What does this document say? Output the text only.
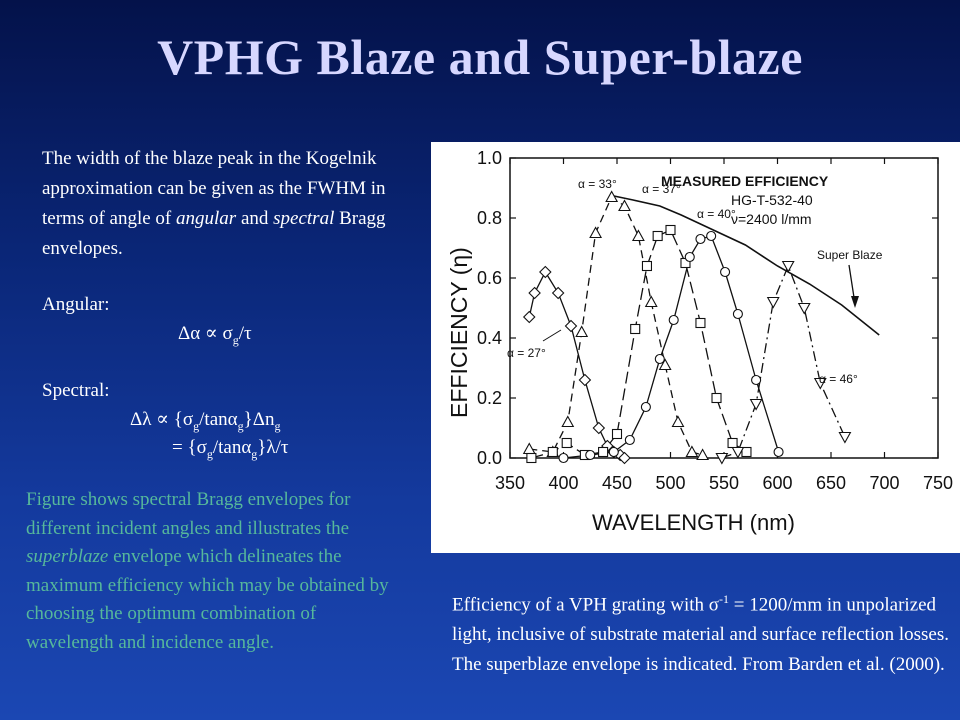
VPHG Blaze and Super-blaze
The width of the blaze peak in the Kogelnik approximation can be given as the FWHM in terms of angle of angular and spectral Bragg envelopes.
Angular:
$\Delta\alpha \propto \sigma_g/\tau$
Spectral:
$\Delta\lambda \propto \{\sigma_g/\tan\alpha_g\}\Delta n_g$
= $\{\sigma_g/\tan\alpha_g\}\lambda/\tau$
Figure shows spectral Bragg envelopes for different incident angles and illustrates the superblaze envelope which delineates the maximum efficiency which may be obtained by choosing the optimum combination of wavelength and incidence angle.
350 400 450 500 550 600 650 700 750
0.0
0.2
0.4
0.6
0.8
1.0
MEASURED EFFICIENCY
HG-T-532-40
ν=2400 l/mm
WAVELENGTH (nm)
EFFICIENCY (η)
α = 33° α = 37°
α = 40°
α = 27°
α = 46°
Super Blaze
Efficiency of a VPH grating with $\sigma^{-1} = 1200/mm$ in unpolarized light, inclusive of substrate material and surface reflection losses. The superblaze envelope is indicated. From Barden et al. (2000).
